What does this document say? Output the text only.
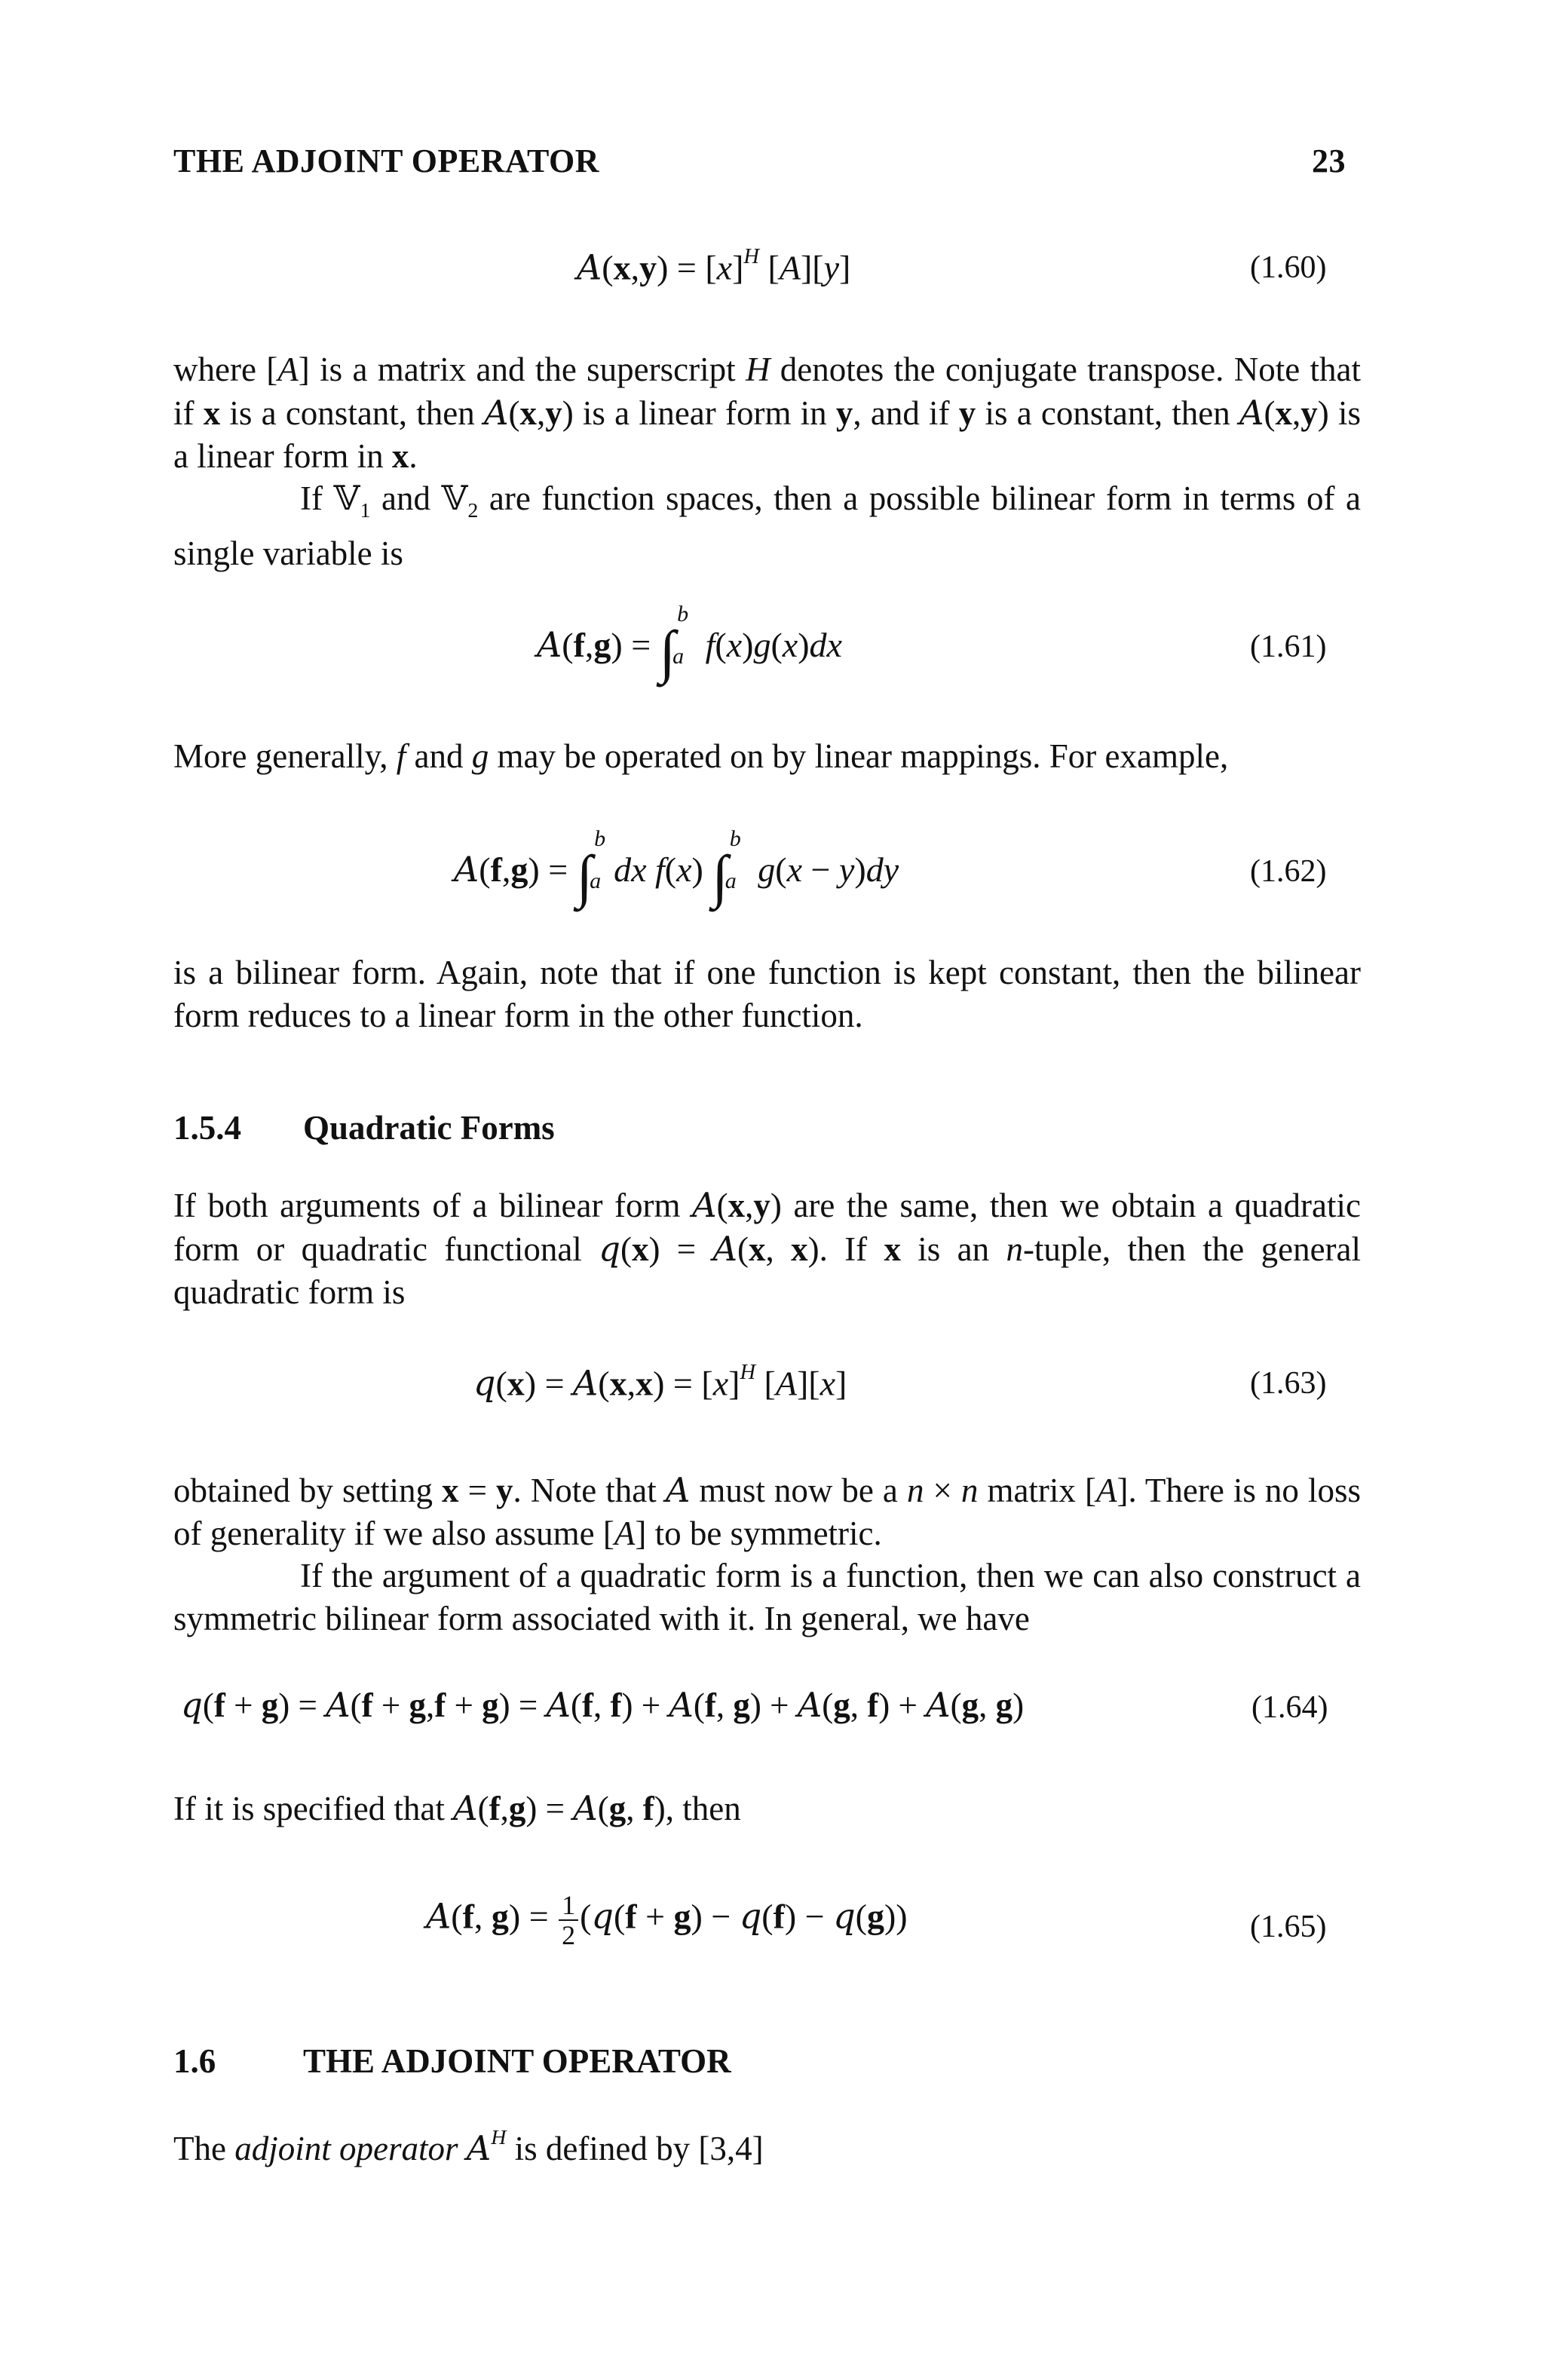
THE ADJOINT OPERATOR	23
$A(x,y) = [x]^H$ [A][y]	(1.60)
where [A] is a matrix and the superscript H denotes the conjugate transpose. Note that if x is a constant, then A(x,y) is a linear form in y, and if y is a constant, then A(x,y) is a linear form in x.
If 𝕍$_1$ and 𝕍$_2$ are function spaces, then a possible bilinear form in terms of a single variable is
A(f,g) = ∫
b
a f(x)g(x)dx	(1.61)
More generally, f and g may be operated on by linear mappings. For example,
A(f,g) = ∫
b
a dx f(x) ∫
b
a g(x − y)dy	(1.62)
is a bilinear form. Again, note that if one function is kept constant, then the bilinear form reduces to a linear form in the other function.
1.5.4 Quadratic Forms
If both arguments of a bilinear form A(x,y) are the same, then we obtain a quadratic form or quadratic functional q(x) = A(x, x). If x is an n-tuple, then the general quadratic form is
$q(x) = A(x,x) = [x]^H$ [A][x]	(1.63)
obtained by setting x = y. Note that A must now be a n × n matrix [A]. There is no loss of generality if we also assume [A] to be symmetric.
If the argument of a quadratic form is a function, then we can also construct a symmetric bilinear form associated with it. In general, we have
q(f + g) = A(f + g,f + g) = A(f, f) + A(f, g) + A(g, f) + A(g, g)	(1.64)
If it is specified that A(f,g) = A(g, f), then
A(f, $g) = \frac{1}{2} (q(f + g) - q(f) - q(g))$	(1.65)
1.6	THE ADJOINT OPERATOR
The adjoint operator $A^H$ is defined by [3,4]
